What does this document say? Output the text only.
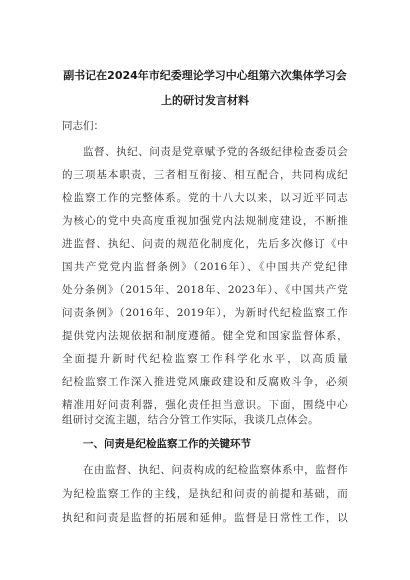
副书记在2024年市纪委理论学习中心组第六次集体学习会
上的研讨发言材料
同志们：
监督、执纪、问责是党章赋予党的各级纪律检查委员会
的三项基本职责，三者相互衔接、相互配合，共同构成纪
检监察工作的完整体系。党的十八大以来，以习近平同志
为核心的党中央高度重视加强党内法规制度建设，不断推
进监督、执纪、问责的规范化制度化，先后多次修订《中
国共产党党内监督条例》（2016年）、《中国共产党纪律
处分条例》（2015年、2018年、2023年）、《中国共产党
问责条例》（2016年、2019年），为新时代纪检监察工作
提供党内法规依据和制度遵循。健全党和国家监督体系，
全面提升新时代纪检监察工作科学化水平，以高质量
纪检监察工作深入推进党风廉政建设和反腐败斗争，必须
精准用好问责利器，强化责任担当意识。下面，围绕中心
组研讨交流主题，结合分管工作实际，我谈几点体会。
一、问责是纪检监察工作的关键环节
在由监督、执纪、问责构成的纪检监察体系中，监督作
为纪检监察工作的主线，是执纪和问责的前提和基础，而
执纪和问责是监督的拓展和延伸。监督是日常性工作，以
